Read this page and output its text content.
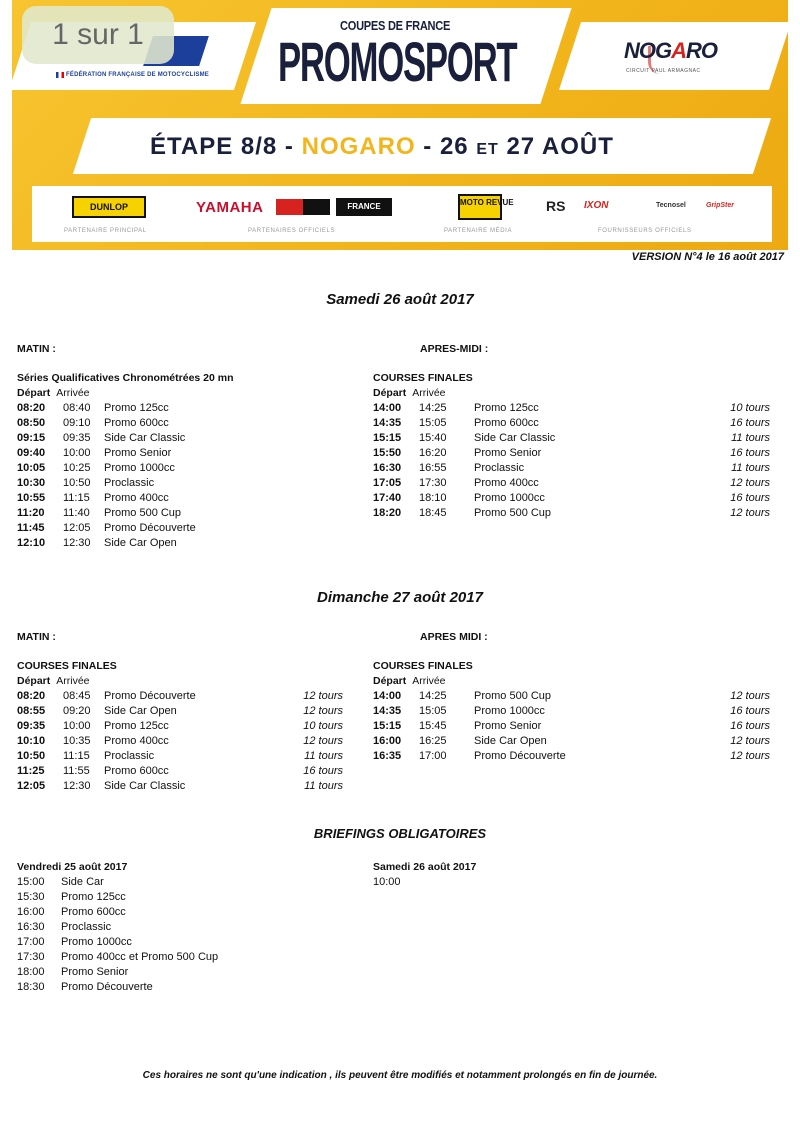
FÉDÉRATION FRANÇAISE DE MOTOCYCLISME
COUPES DE FRANCE
PROMOSPORT	NOGARO
CIRCUIT PAUL ARMAGNAC
ÉTAPE 8/8 - NOGARO - 26 ET 27 AOÛT
DUNLOP	YAMAHA	FRANCE	MOTO REVUE RS IXON	Tecnosel	GripSter
PARTENAIRE PRINCIPAL	PARTENAIRES OFFICIELS	PARTENAIRE MÉDIA	FOURNISSEURS OFFICIELS
1 sur 1
VERSION N°4 le 16 août 2017
Samedi 26 août 2017
MATIN :	APRES-MIDI :
Séries Qualificatives Chronométrées 20 mn	COURSES FINALES
Départ Arrivée	Départ Arrivée
08:20 08:40 Promo 125cc
08:50 09:10 Promo 600cc
09:15 09:35 Side Car Classic
09:40 10:00 Promo Senior
10:05 10:25 Promo 1000cc
10:30 10:50 Proclassic
10:55 11:15 Promo 400cc
11:20 11:40 Promo 500 Cup
11:45 12:05 Promo Découverte
12:10 12:30 Side Car Open
14:00 14:25 Promo 125cc	10 tours
14:35 15:05 Promo 600cc	16 tours
15:15 15:40 Side Car Classic	11 tours
15:50 16:20 Promo Senior	16 tours
16:30 16:55 Proclassic	11 tours
17:05 17:30 Promo 400cc	12 tours
17:40 18:10 Promo 1000cc	16 tours
18:20 18:45 Promo 500 Cup	12 tours
Dimanche 27 août 2017
MATIN :	APRES MIDI :
COURSES FINALES	COURSES FINALES
Départ Arrivée	Départ Arrivée
08:20 08:45 Promo Découverte	12 tours
08:55 09:20 Side Car Open	12 tours
09:35 10:00 Promo 125cc	10 tours
10:10 10:35 Promo 400cc	12 tours
10:50 11:15 Proclassic	11 tours
11:25 11:55 Promo 600cc	16 tours
12:05 12:30 Side Car Classic	11 tours
14:00 14:25 Promo 500 Cup	12 tours
14:35 15:05 Promo 1000cc	16 tours
15:15 15:45 Promo Senior	16 tours
16:00 16:25 Side Car Open	12 tours
16:35 17:00 Promo Découverte	12 tours
BRIEFINGS OBLIGATOIRES
Vendredi 25 août 2017	Samedi 26 août 2017
15:00 Side Car
15:30 Promo 125cc
16:00 Promo 600cc
16:30 Proclassic
17:00 Promo 1000cc
17:30 Promo 400cc et Promo 500 Cup
18:00 Promo Senior
18:30 Promo Découverte
10:00
Ces horaires ne sont qu'une indication , ils peuvent être modifiés et notamment prolongés en fin de journée.
